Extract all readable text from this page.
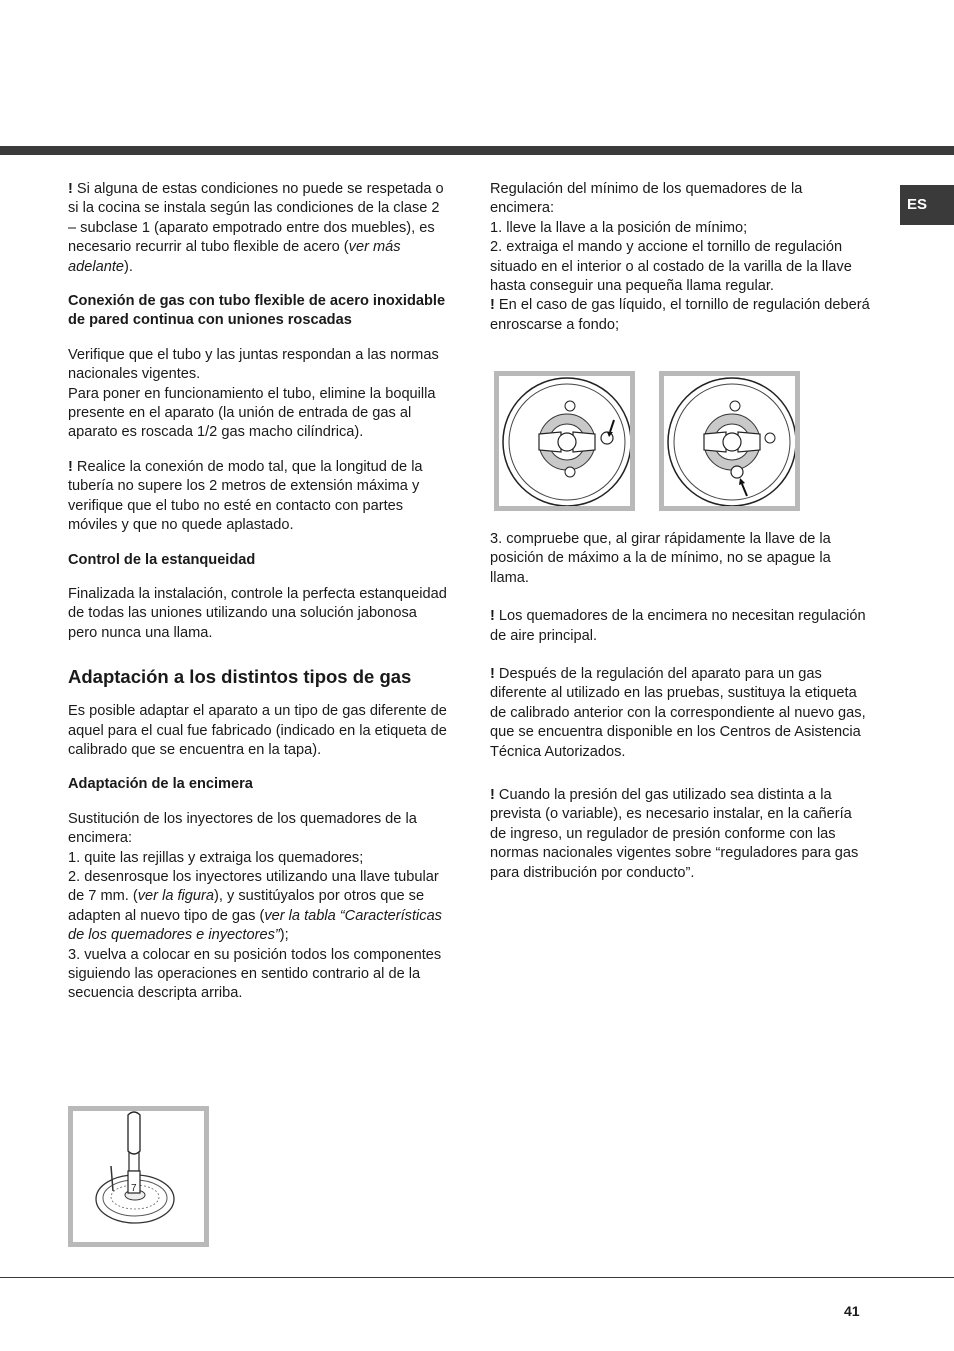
ES

! Si alguna de estas condiciones no puede se respetada o si la cocina se instala según las condiciones de la clase 2 – subclase 1 (aparato empotrado entre dos muebles), es necesario recurrir al tubo flexible de acero (ver más adelante).

Conexión de gas con tubo flexible de acero inoxidable de pared continua con uniones roscadas

Verifique que el tubo y las juntas respondan a las normas nacionales vigentes.
Para poner en funcionamiento el tubo, elimine la boquilla presente en el aparato (la unión de entrada de gas al aparato es roscada 1/2 gas macho cilíndrica).

! Realice la conexión de modo tal, que la longitud de la tubería no supere los 2 metros de extensión máxima y verifique que el tubo no esté en contacto con partes móviles y que no quede aplastado.

Control de la estanqueidad

Finalizada la instalación, controle la perfecta estanqueidad de todas las uniones utilizando una solución jabonosa pero nunca una llama.

Adaptación a los distintos tipos de gas

Es posible adaptar el aparato a un tipo de gas diferente de aquel para el cual fue fabricado (indicado en la etiqueta de calibrado que se encuentra en la tapa).

Adaptación de la encimera

Sustitución de los inyectores de los quemadores de la encimera:
1. quite las rejillas y extraiga los quemadores;
2. desenrosque los inyectores utilizando una llave tubular de 7 mm. (ver la figura), y sustitúyalos por otros que se adapten al nuevo tipo de gas (ver la tabla “Características de los quemadores e inyectores”);
3. vuelva a colocar en su posición todos los componentes siguiendo las operaciones en sentido contrario al de la secuencia descripta arriba.

7

Regulación del mínimo de los quemadores de la encimera:
1. lleve la llave a la posición de mínimo;
2. extraiga el mando y accione el tornillo de regulación situado en el interior o al costado de la varilla de la llave hasta conseguir una pequeña llama regular.
! En el caso de gas líquido, el tornillo de regulación deberá enroscarse a fondo;

3. compruebe que, al girar rápidamente la llave de la posición de máximo a la de mínimo, no se apague la llama.

! Los quemadores de la encimera no necesitan regulación de aire principal.

! Después de la regulación del aparato para un gas diferente al utilizado en las pruebas, sustituya la etiqueta de calibrado anterior con la correspondiente al nuevo gas, que se encuentra disponible en los Centros de Asistencia Técnica Autorizados.

! Cuando la presión del gas utilizado sea distinta a la prevista (o variable), es necesario instalar, en la cañería de ingreso, un regulador de presión conforme con las normas nacionales vigentes sobre “reguladores para gas para distribución por conducto”.

41
